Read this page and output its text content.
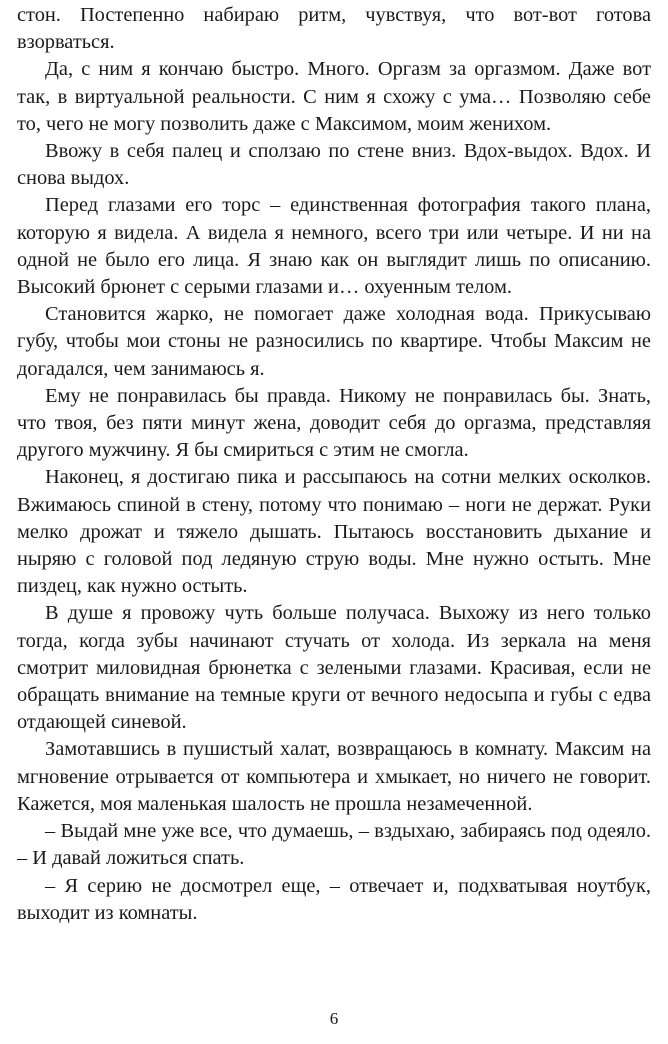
стон. Постепенно набираю ритм, чувствуя, что вот-вот готова взорваться.

Да, с ним я кончаю быстро. Много. Оргазм за оргазмом. Даже вот так, в виртуальной реальности. С ним я схожу с ума… Позволяю себе то, чего не могу позволить даже с Максимом, моим женихом.

Ввожу в себя палец и сползаю по стене вниз. Вдох-выдох. Вдох. И снова выдох.

Перед глазами его торс – единственная фотография такого плана, которую я видела. А видела я немного, всего три или четыре. И ни на одной не было его лица. Я знаю как он выглядит лишь по описанию. Высокий брюнет с серыми глазами и… охуенным телом.

Становится жарко, не помогает даже холодная вода. Прикусываю губу, чтобы мои стоны не разносились по квартире. Чтобы Максим не догадался, чем занимаюсь я.

Ему не понравилась бы правда. Никому не понравилась бы. Знать, что твоя, без пяти минут жена, доводит себя до оргазма, представляя другого мужчину. Я бы смириться с этим не смогла.

Наконец, я достигаю пика и рассыпаюсь на сотни мелких осколков. Вжимаюсь спиной в стену, потому что понимаю – ноги не держат. Руки мелко дрожат и тяжело дышать. Пытаюсь восстановить дыхание и ныряю с головой под ледяную струю воды. Мне нужно остыть. Мне пиздец, как нужно остыть.

В душе я провожу чуть больше получаса. Выхожу из него только тогда, когда зубы начинают стучать от холода. Из зеркала на меня смотрит миловидная брюнетка с зелеными глазами. Красивая, если не обращать внимание на темные круги от вечного недосыпа и губы с едва отдающей синевой.

Замотавшись в пушистый халат, возвращаюсь в комнату. Максим на мгновение отрывается от компьютера и хмыкает, но ничего не говорит. Кажется, моя маленькая шалость не прошла незамеченной.

– Выдай мне уже все, что думаешь, – вздыхаю, забираясь под одеяло. – И давай ложиться спать.

– Я серию не досмотрел еще, – отвечает и, подхватывая ноутбук, выходит из комнаты.

6
